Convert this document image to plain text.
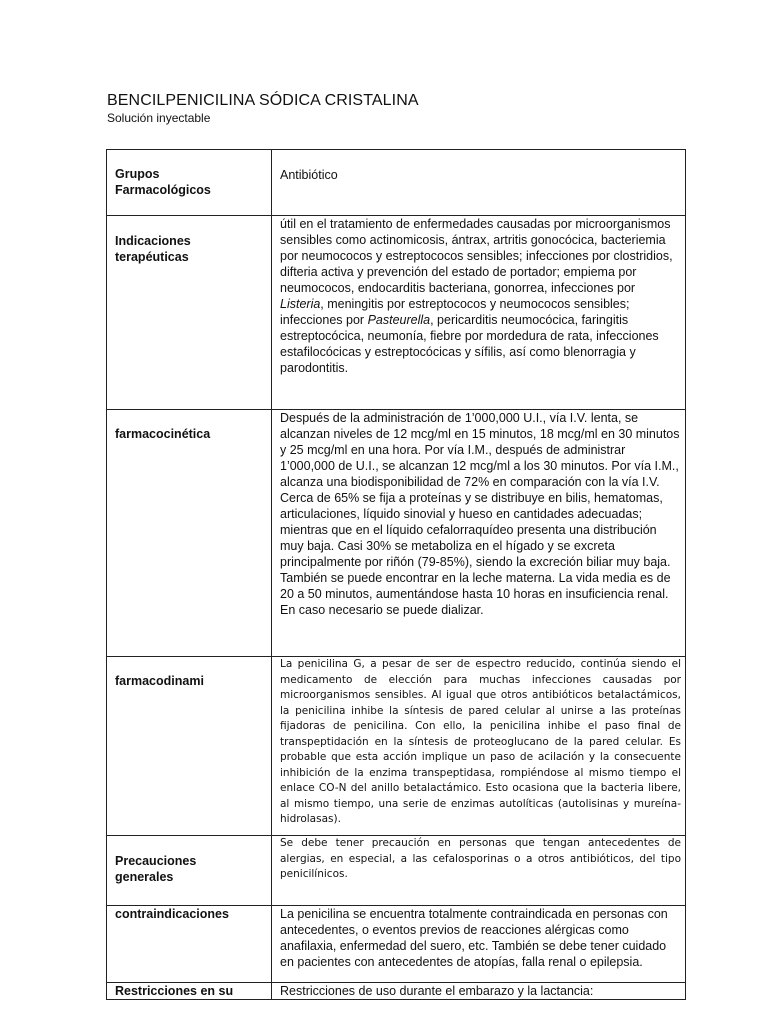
BENCILPENICILINA SÓDICA CRISTALINA

Solución inyectable

Grupos
Farmacológicos	Antibiótico

Indicaciones
terapéuticas	útil en el tratamiento de enfermedades causadas por microorganismos sensibles como actinomicosis, ántrax, artritis gonocócica, bacteriemia por neumococos y estreptococos sensibles; infecciones por clostridios, difteria activa y prevención del estado de portador; empiema por neumococos, endocarditis bacteriana, gonorrea, infecciones por Listeria, meningitis por estreptococos y neumococos sensibles; infecciones por Pasteurella, pericarditis neumocócica, faringitis estreptocócica, neumonía, fiebre por mordedura de rata, infecciones estafilocócicas y estreptocócicas y sífilis, así como blenorragia y parodontitis.

farmacocinética	Después de la administración de 1’000,000 U.I., vía I.V. lenta, se alcanzan niveles de 12 mcg/ml en 15 minutos, 18 mcg/ml en 30 minutos y 25 mcg/ml en una hora. Por vía I.M., después de administrar 1’000,000 de U.I., se alcanzan 12 mcg/ml a los 30 minutos. Por vía I.M., alcanza una biodisponibilidad de 72% en comparación con la vía I.V. Cerca de 65% se fija a proteínas y se distribuye en bilis, hematomas, articulaciones, líquido sinovial y hueso en cantidades adecuadas; mientras que en el líquido cefalorraquídeo presenta una distribución muy baja. Casi 30% se metaboliza en el hígado y se excreta principalmente por riñón (79-85%), siendo la excreción biliar muy baja. También se puede encontrar en la leche materna. La vida media es de 20 a 50 minutos, aumentándose hasta 10 horas en insuficiencia renal. En caso necesario se puede dializar.

farmacodinami	La penicilina G, a pesar de ser de espectro reducido, continúa siendo el medicamento de elección para muchas infecciones causadas por microorganismos sensibles. Al igual que otros antibióticos betalactámicos, la penicilina inhibe la síntesis de pared celular al unirse a las proteínas fijadoras de penicilina. Con ello, la penicilina inhibe el paso final de transpeptidación en la síntesis de proteoglucano de la pared celular. Es probable que esta acción implique un paso de acilación y la consecuente inhibición de la enzima transpeptidasa, rompiéndose al mismo tiempo el enlace CO-N del anillo betalactámico. Esto ocasiona que la bacteria libere, al mismo tiempo, una serie de enzimas autolíticas (autolisinas y mureína-hidrolasas).

Precauciones
generales	Se debe tener precaución en personas que tengan antecedentes de alergias, en especial, a las cefalosporinas o a otros antibióticos, del tipo penicilínicos.

contraindicaciones	La penicilina se encuentra totalmente contraindicada en personas con antecedentes, o eventos previos de reacciones alérgicas como anafilaxia, enfermedad del suero, etc. También se debe tener cuidado en pacientes con antecedentes de atopías, falla renal o epilepsia.

Restricciones en su	Restricciones de uso durante el embarazo y la lactancia:
